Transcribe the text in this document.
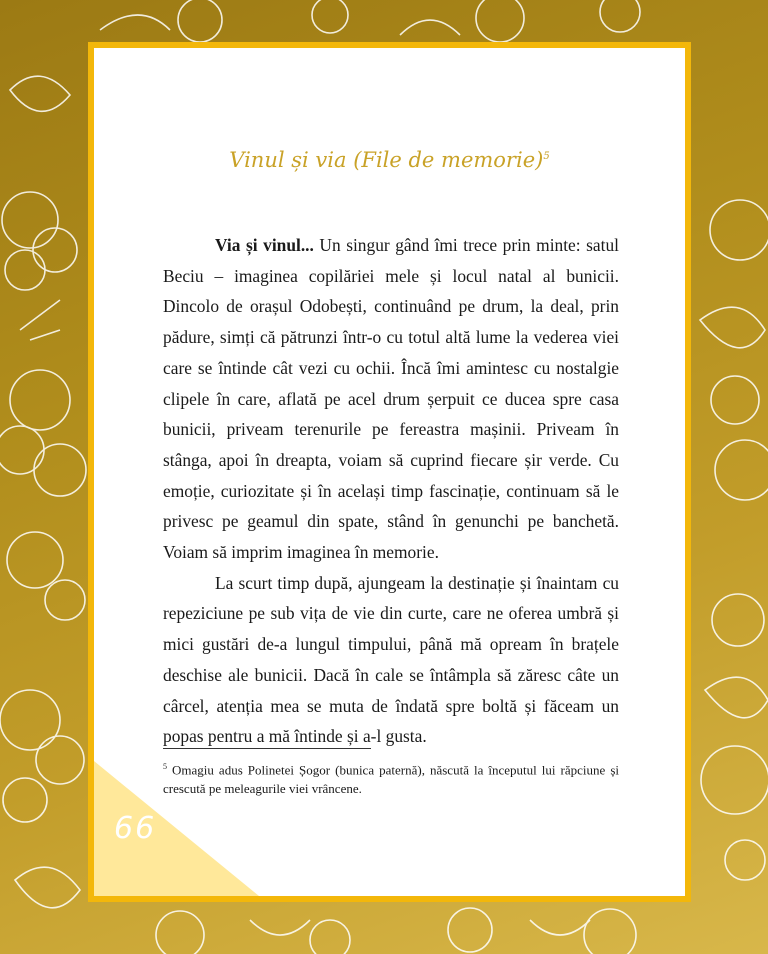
Vinul și via (File de memorie)$^5$

Via și vinul... Un singur gând îmi trece prin minte: satul Beciu – imaginea copilăriei mele și locul natal al bunicii. Dincolo de orașul Odobești, continuând pe drum, la deal, prin pădure, simți că pătrunzi într-o cu totul altă lume la vederea viei care se întinde cât vezi cu ochii. Încă îmi amintesc cu nostalgie clipele în care, aflată pe acel drum șerpuit ce ducea spre casa bunicii, priveam terenurile pe fereastra mașinii. Priveam în stânga, apoi în dreapta, voiam să cuprind fiecare șir verde. Cu emoție, curiozitate și în același timp fascinație, continuam să le privesc pe geamul din spate, stând în genunchi pe banchetă. Voiam să imprim imaginea în memorie.

La scurt timp după, ajungeam la destinație și înaintam cu repeziciune pe sub vița de vie din curte, care ne oferea umbră și mici gustări de-a lungul timpului, până mă opream în brațele deschise ale bunicii. Dacă în cale se întâmpla să zăresc câte un cârcel, atenția mea se muta de îndată spre boltă și făceam un popas pentru a mă întinde și a-l gusta.

$^5$ Omagiu adus Polinetei Șogor (bunica paternă), născută la începutul lui răpciune și crescută pe meleagurile viei vrâncene.
66
